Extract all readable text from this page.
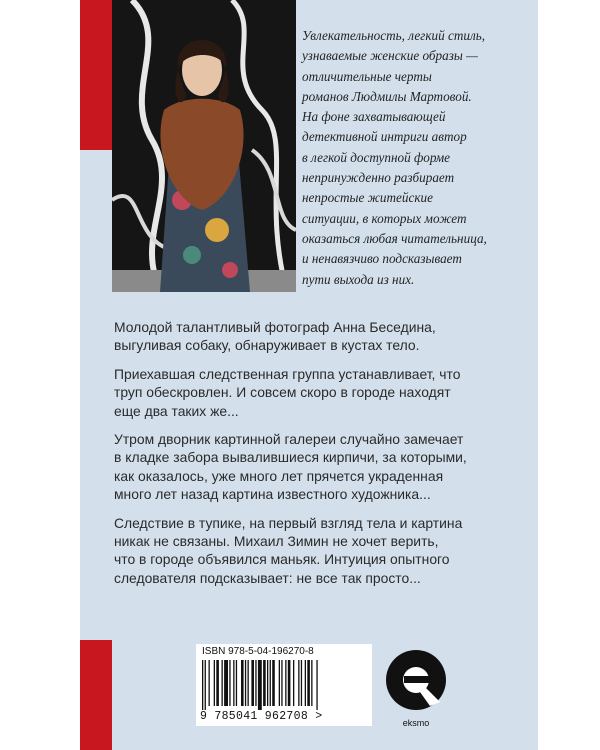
Увлекательность, легкий стиль,
узнаваемые женские образы —
отличительные черты
романов Людмилы Мартовой.
На фоне захватывающей
детективной интриги автор
в легкой доступной форме
непринужденно разбирает
непростые житейские
ситуации, в которых может
оказаться любая читательница,
и ненавязчиво подсказывает
пути выхода из них.

Молодой талантливый фотограф Анна Беседина,
выгуливая собаку, обнаруживает в кустах тело.

Приехавшая следственная группа устанавливает, что
труп обескровлен. И совсем скоро в городе находят
еще два таких же...

Утром дворник картинной галереи случайно замечает
в кладке забора вывалившиеся кирпичи, за которыми,
как оказалось, уже много лет прячется украденная
много лет назад картина известного художника...

Следствие в тупике, на первый взгляд тела и картина
никак не связаны. Михаил Зимин не хочет верить,
что в городе объявился маньяк. Интуиция опытного
следователя подсказывает: не все так просто...

ISBN 978-5-04-196270-8
9 785041 962708 >	eksmo
